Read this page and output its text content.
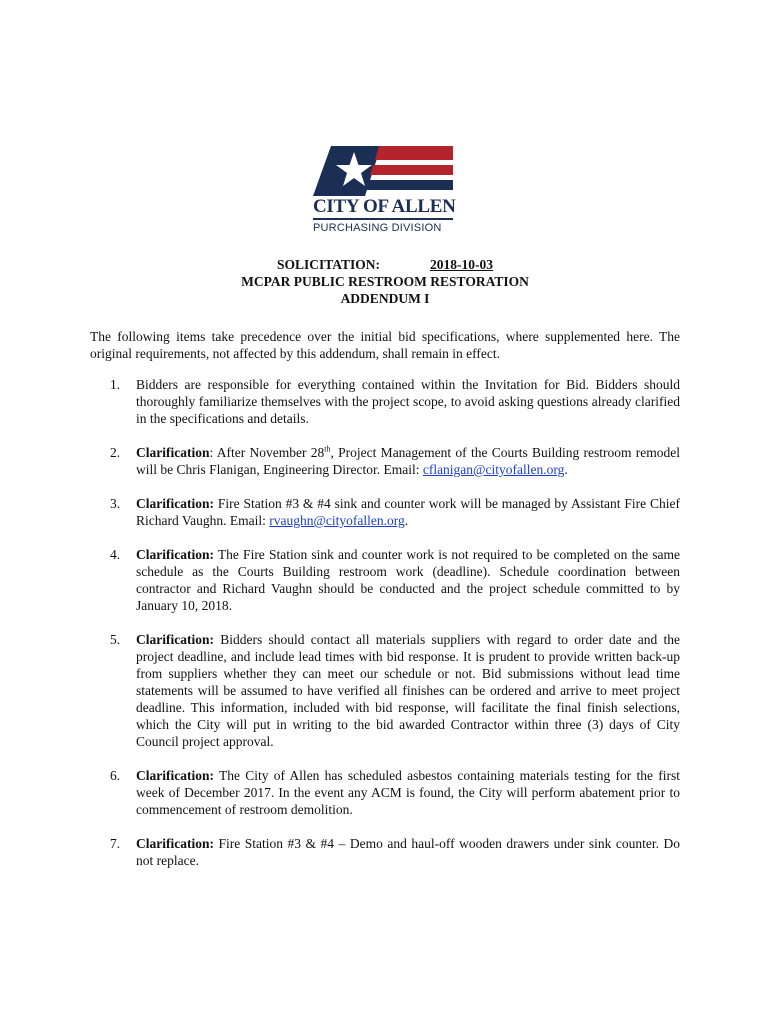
CITY OF ALLEN
PURCHASING DIVISION
SOLICITATION:	2018-10-03
MCPAR PUBLIC RESTROOM RESTORATION
ADDENDUM I
The following items take precedence over the initial bid specifications, where supplemented here. The original requirements, not affected by this addendum, shall remain in effect.
1. Bidders are responsible for everything contained within the Invitation for Bid. Bidders should thoroughly familiarize themselves with the project scope, to avoid asking questions already clarified in the specifications and details.
2. Clarification: After November 28th, Project Management of the Courts Building restroom remodel will be Chris Flanigan, Engineering Director. Email: cflanigan@cityofallen.org.
3. Clarification: Fire Station #3 & #4 sink and counter work will be managed by Assistant Fire Chief Richard Vaughn. Email: rvaughn@cityofallen.org.
4. Clarification: The Fire Station sink and counter work is not required to be completed on the same schedule as the Courts Building restroom work (deadline). Schedule coordination between contractor and Richard Vaughn should be conducted and the project schedule committed to by January 10, 2018.
5. Clarification: Bidders should contact all materials suppliers with regard to order date and the project deadline, and include lead times with bid response. It is prudent to provide written back-up from suppliers whether they can meet our schedule or not. Bid submissions without lead time statements will be assumed to have verified all finishes can be ordered and arrive to meet project deadline. This information, included with bid response, will facilitate the final finish selections, which the City will put in writing to the bid awarded Contractor within three (3) days of City Council project approval.
6. Clarification: The City of Allen has scheduled asbestos containing materials testing for the first week of December 2017. In the event any ACM is found, the City will perform abatement prior to commencement of restroom demolition.
7. Clarification: Fire Station #3 & #4 – Demo and haul-off wooden drawers under sink counter. Do not replace.
